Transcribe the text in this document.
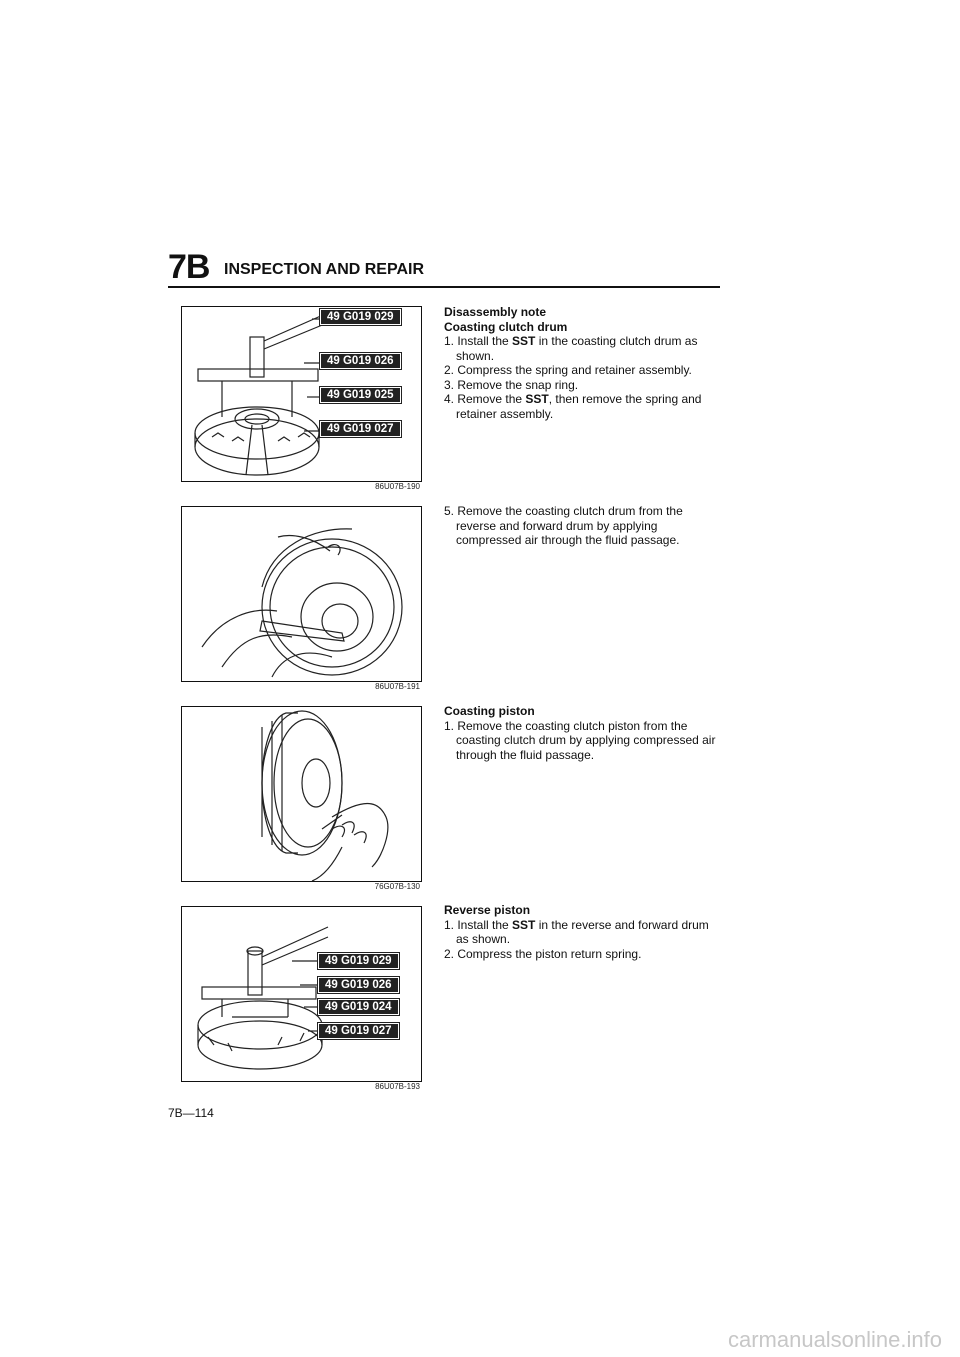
7B INSPECTION AND REPAIR
49 G019 029
49 G019 026
49 G019 025
49 G019 027
86U07B-190
86U07B-191
76G07B-130
49 G019 029
49 G019 026
49 G019 024
49 G019 027
86U07B-193
Disassembly note
Coasting clutch drum

1. Install the SST in the coasting clutch drum as shown.

2. Compress the spring and retainer assembly.

3. Remove the snap ring.

4. Remove the SST, then remove the spring and retainer assembly.

5. Remove the coasting clutch drum from the reverse and forward drum by applying compressed air through the fluid passage.

Coasting piston

1. Remove the coasting clutch piston from the coasting clutch drum by applying compressed air through the fluid passage.

Reverse piston

1. Install the SST in the reverse and forward drum as shown.

2. Compress the piston return spring.

7B—114
carmanualsonline.info
